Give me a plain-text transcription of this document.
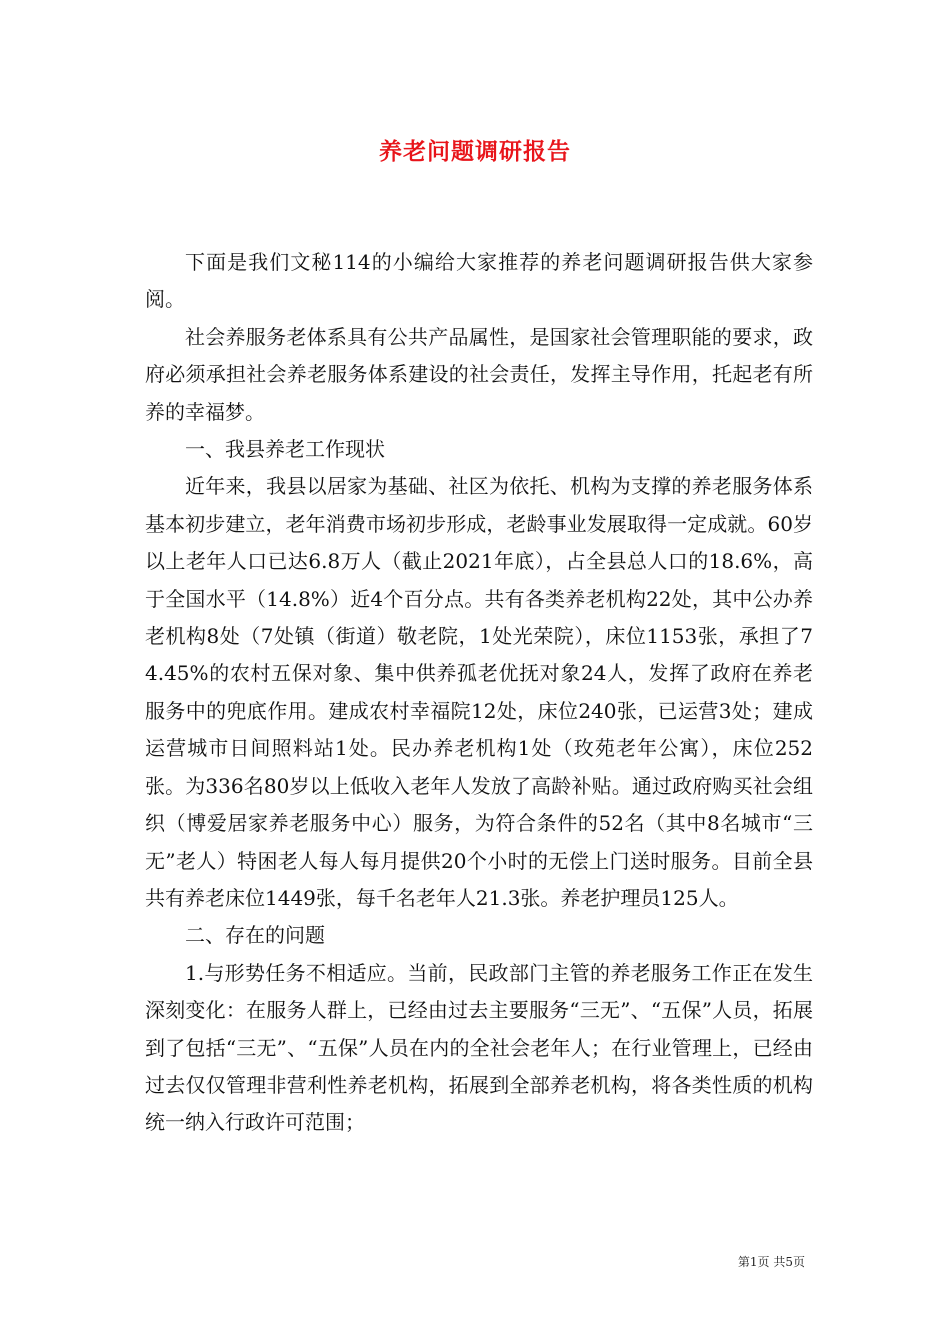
养老问题调研报告

下面是我们文秘114的小编给大家推荐的养老问题调研报告供大家参阅。

社会养服务老体系具有公共产品属性，是国家社会管理职能的要求，政府必须承担社会养老服务体系建设的社会责任，发挥主导作用，托起老有所养的幸福梦。

一、我县养老工作现状

近年来，我县以居家为基础、社区为依托、机构为支撑的养老服务体系基本初步建立，老年消费市场初步形成，老龄事业发展取得一定成就。60岁以上老年人口已达6.8万人（截止2021年底），占全县总人口的18.6%，高于全国水平（14.8%）近4个百分点。共有各类养老机构22处，其中公办养老机构8处（7处镇（街道）敬老院，1处光荣院），床位1153张，承担了74.45%的农村五保对象、集中供养孤老优抚对象24人，发挥了政府在养老服务中的兜底作用。建成农村幸福院12处，床位240张，已运营3处；建成运营城市日间照料站1处。民办养老机构1处（玫苑老年公寓），床位252张。为336名80岁以上低收入老年人发放了高龄补贴。通过政府购买社会组织（博爱居家养老服务中心）服务，为符合条件的52名（其中8名城市“三无”老人）特困老人每人每月提供20个小时的无偿上门送时服务。目前全县共有养老床位1449张，每千名老年人21.3张。养老护理员125人。

二、存在的问题

1.与形势任务不相适应。当前，民政部门主管的养老服务工作正在发生深刻变化：在服务人群上，已经由过去主要服务“三无”、“五保”人员，拓展到了包括“三无”、“五保”人员在内的全社会老年人；在行业管理上，已经由过去仅仅管理非营利性养老机构，拓展到全部养老机构，将各类性质的机构统一纳入行政许可范围；

第1页 共5页
